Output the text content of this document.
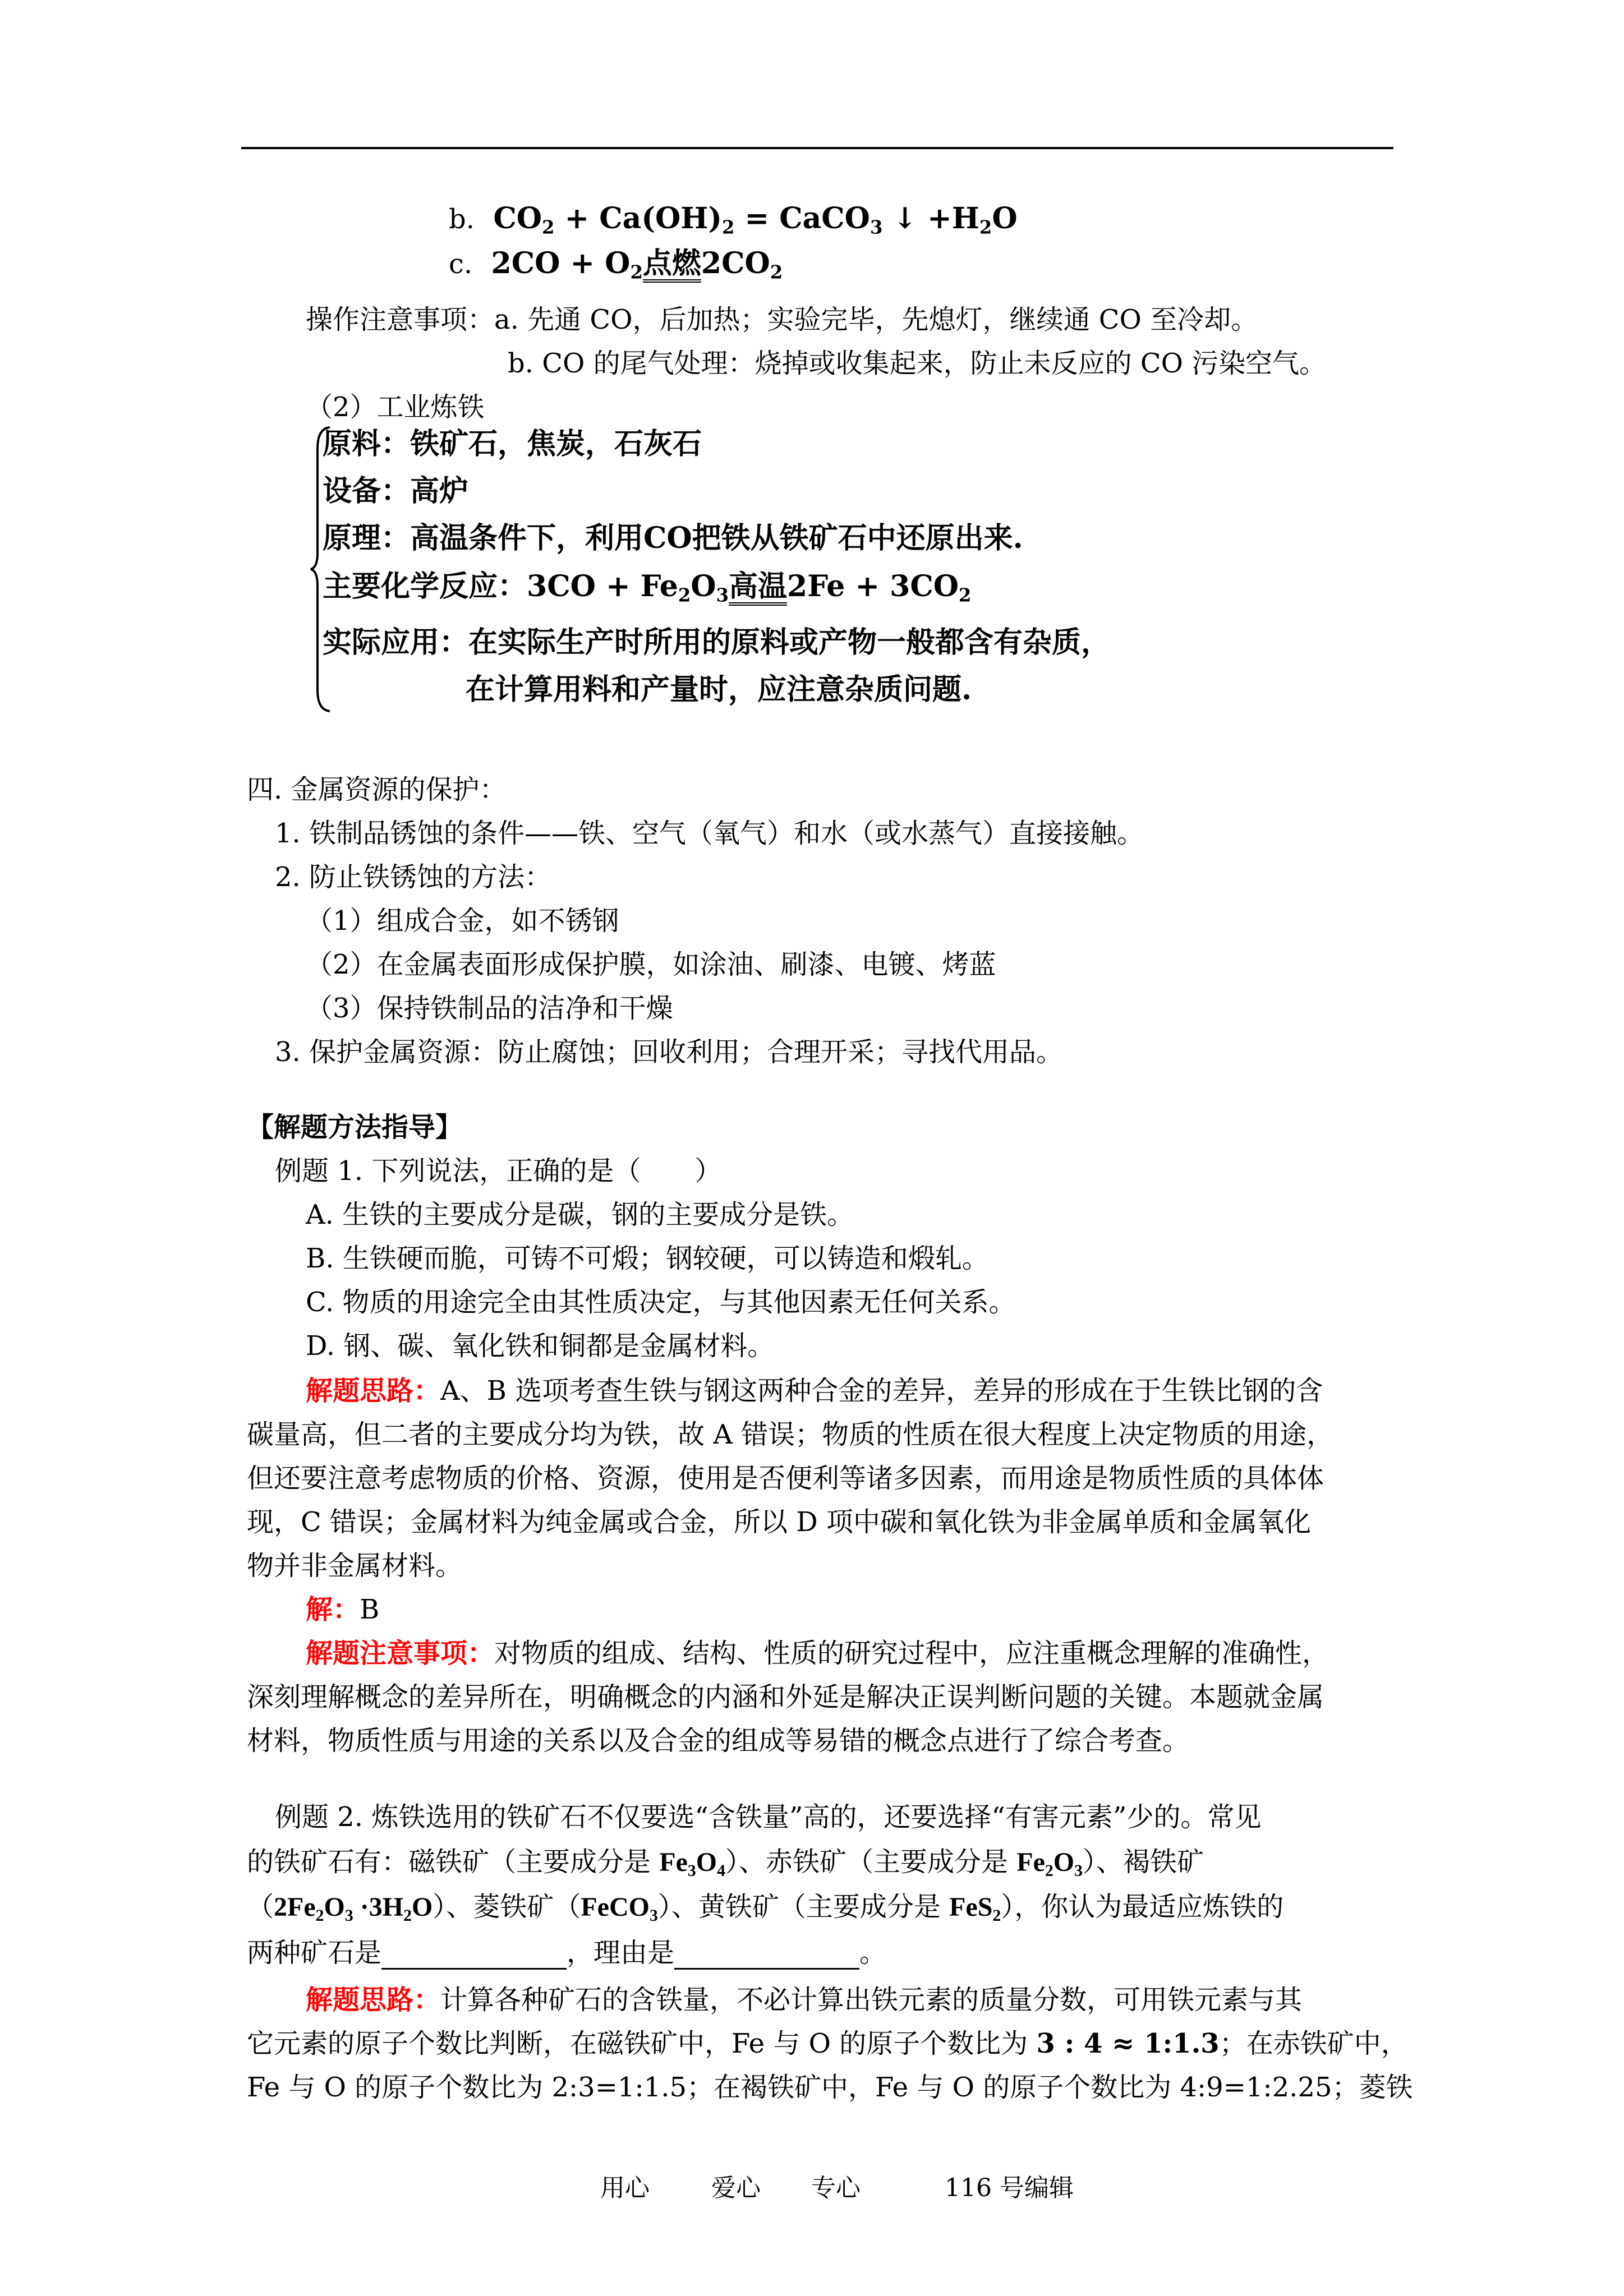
b.  $CO_2 + Ca(OH)_2$ = CaCO$_3$ ↓ $+H_2O$
c.  $2CO + O_2$点燃$2CO_2$
操作注意事项：a. 先通 CO，后加热；实验完毕，先熄灯，继续通 CO 至冷却。
b. CO 的尾气处理：烧掉或收集起来，防止未反应的 CO 污染空气。
（2）工业炼铁
原料：铁矿石，焦炭，石灰石
设备：高炉
原理：高温条件下，利用CO把铁从铁矿石中还原出来.
主要化学反应：$3CO + Fe_2O_3$高温$2Fe + 3CO_2$
实际应用：在实际生产时所用的原料或产物一般都含有杂质，
在计算用料和产量时，应注意杂质问题.
四. 金属资源的保护：
1. 铁制品锈蚀的条件——铁、空气（氧气）和水（或水蒸气）直接接触。
2. 防止铁锈蚀的方法：
（1）组成合金，如不锈钢
（2）在金属表面形成保护膜，如涂油、刷漆、电镀、烤蓝
（3）保持铁制品的洁净和干燥
3. 保护金属资源：防止腐蚀；回收利用；合理开采；寻找代用品。
【解题方法指导】
例题 1. 下列说法，正确的是（　　）
A. 生铁的主要成分是碳，钢的主要成分是铁。
B. 生铁硬而脆，可铸不可煅；钢较硬，可以铸造和煅轧。
C. 物质的用途完全由其性质决定，与其他因素无任何关系。
D. 钢、碳、氧化铁和铜都是金属材料。
解题思路：A、B 选项考查生铁与钢这两种合金的差异，差异的形成在于生铁比钢的含
碳量高，但二者的主要成分均为铁，故 A 错误；物质的性质在很大程度上决定物质的用途，
但还要注意考虑物质的价格、资源，使用是否便利等诸多因素，而用途是物质性质的具体体
现，C 错误；金属材料为纯金属或合金，所以 D 项中碳和氧化铁为非金属单质和金属氧化
物并非金属材料。
解：B
解题注意事项：对物质的组成、结构、性质的研究过程中，应注重概念理解的准确性，
深刻理解概念的差异所在，明确概念的内涵和外延是解决正误判断问题的关键。本题就金属
材料，物质性质与用途的关系以及合金的组成等易错的概念点进行了综合考查。
例题 2. 炼铁选用的铁矿石不仅要选“含铁量”高的，还要选择“有害元素”少的。常见
的铁矿石有：磁铁矿（主要成分是 $Fe_3O_4$）、赤铁矿（主要成分是 $Fe_2O_3$）、褐铁矿
$(2Fe_2O_3 \cdot 3H_2O)$、菱铁矿（FeCO$_3$）、黄铁矿（主要成分是 FeS$_2$），你认为最适应炼铁的
两种矿石是	，理由是	。
解题思路：计算各种矿石的含铁量，不必计算出铁元素的质量分数，可用铁元素与其
它元素的原子个数比判断，在磁铁矿中，Fe 与 O 的原子个数比为 3 : 4 ≈ 1:1.3；在赤铁矿中，
Fe 与 O 的原子个数比为 2:3=1:1.5；在褐铁矿中，Fe 与 O 的原子个数比为 4:9=1:2.25；菱铁
用心	爱心 专心	116 号编辑
